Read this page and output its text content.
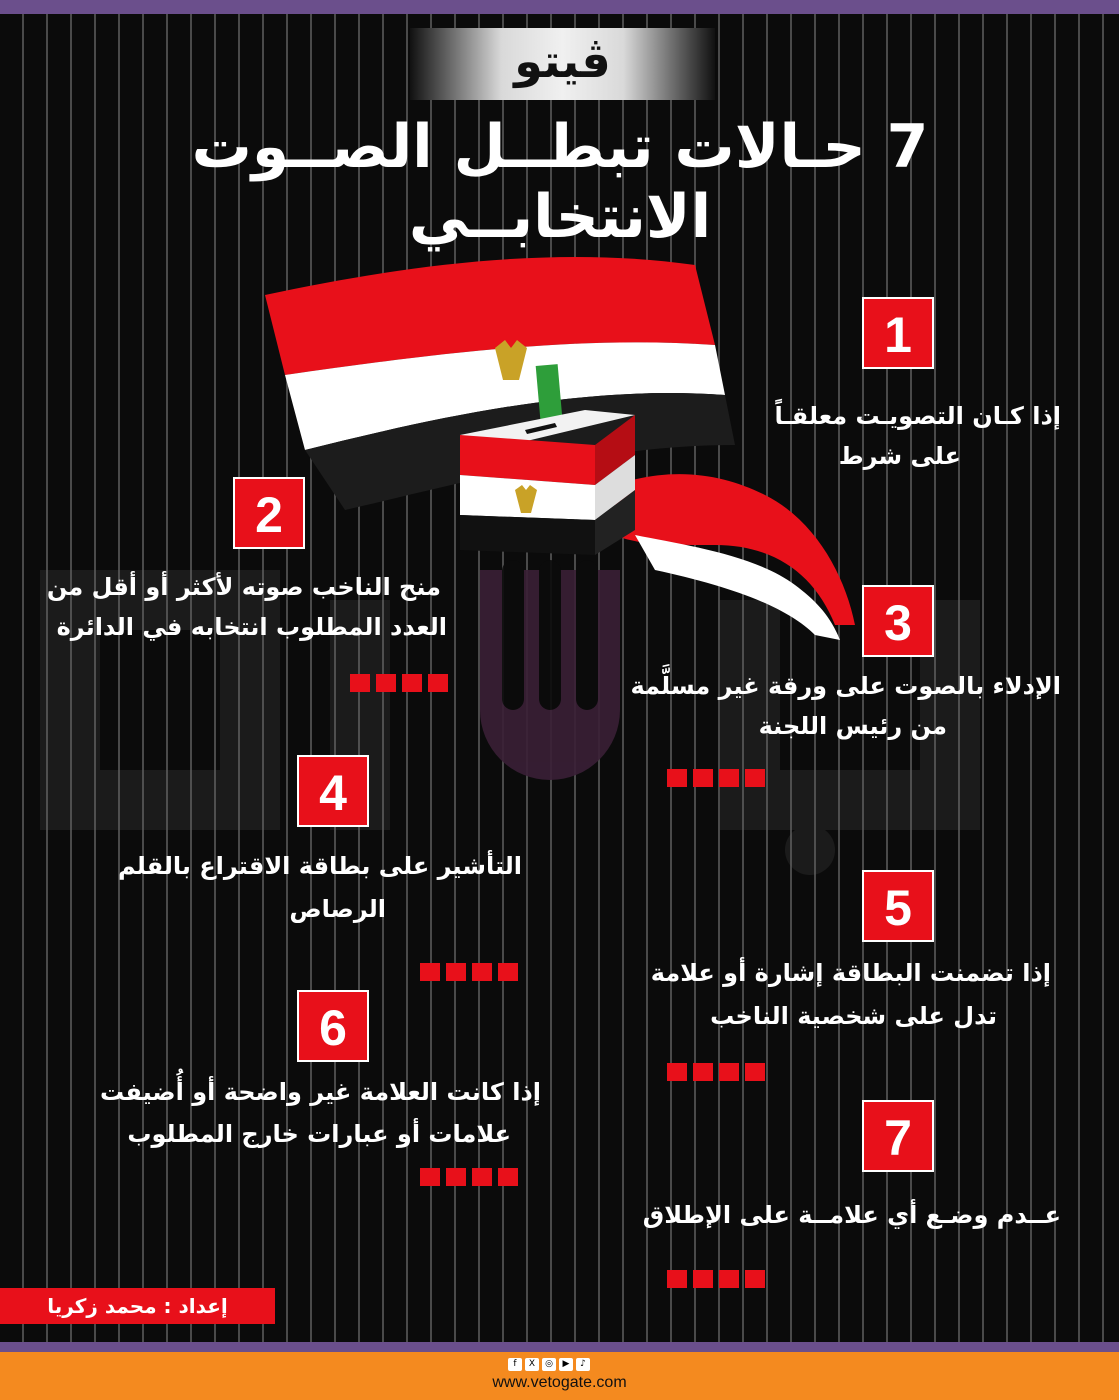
ڤيتو
7 حـالات تبطــل الصــوت الانتخابــي
1
إذا كـان التصويـت معلقـاً
على شرط
2
منح الناخب صوته لأكثر أو أقل من
العدد المطلوب انتخابه في الدائرة	3
الإدلاء بالصوت على ورقة غير مسلَّمة
من رئيس اللجنة
4
التأشير على بطاقة الاقتراع بالقلم
الرصاص	5
إذا تضمنت البطاقة إشارة أو علامة
تدل على شخصية الناخب
6
إذا كانت العلامة غير واضحة أو أُضيفت
علامات أو عبارات خارج المطلوب	7
عــدم وضـع أي علامــة على الإطلاق
إعداد : محمد زكريا
f	X	◎	▶	♪
www.vetogate.com
